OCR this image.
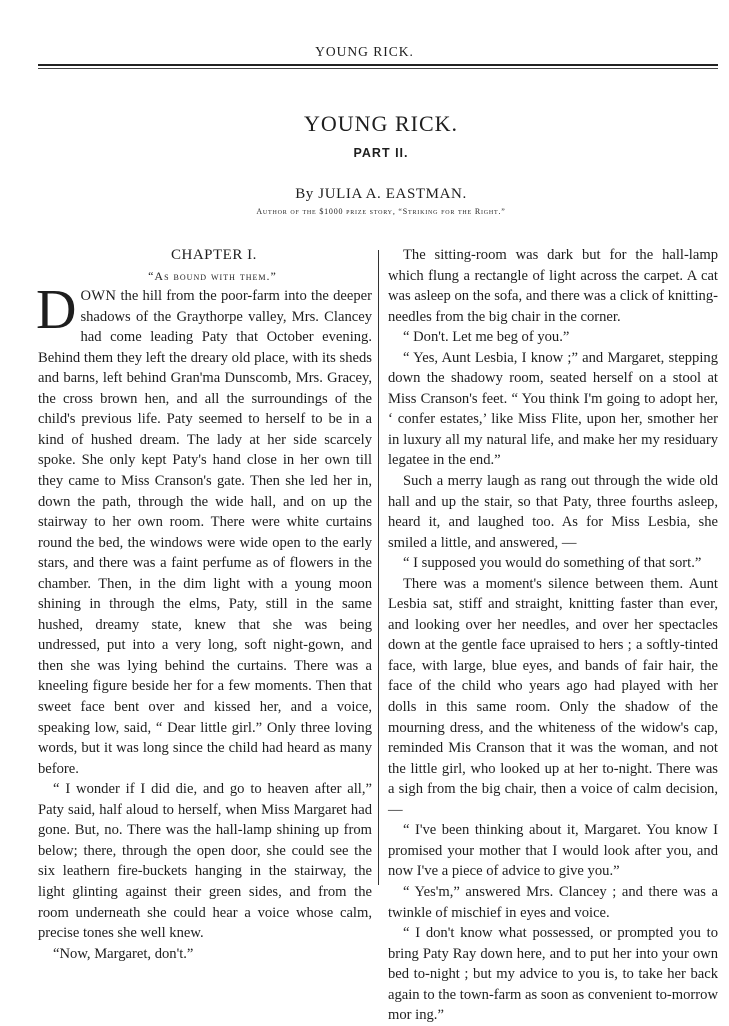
YOUNG RICK.
YOUNG RICK.
PART II.
By JULIA A. EASTMAN.
Author of the $1000 prize story, “Striking for the Right.”

CHAPTER I.

“As bound with them.”

DOWN the hill from the poor-farm into the deeper shadows of the Graythorpe valley, Mrs. Clancey had come leading Paty that October evening. Behind them they left the dreary old place, with its sheds and barns, left behind Gran'ma Dunscomb, Mrs. Gracey, the cross brown hen, and all the surroundings of the child's previous life. Paty seemed to herself to be in a kind of hushed dream. The lady at her side scarcely spoke. She only kept Paty's hand close in her own till they came to Miss Cranson's gate. Then she led her in, down the path, through the wide hall, and on up the stairway to her own room. There were white curtains round the bed, the windows were wide open to the early stars, and there was a faint perfume as of flowers in the chamber. Then, in the dim light with a young moon shining in through the elms, Paty, still in the same hushed, dreamy state, knew that she was being undressed, put into a very long, soft night-gown, and then she was lying behind the curtains. There was a kneeling figure beside her for a few moments. Then that sweet face bent over and kissed her, and a voice, speaking low, said, “ Dear little girl.” Only three loving words, but it was long since the child had heard as many before.

“ I wonder if I did die, and go to heaven after all,” Paty said, half aloud to herself, when Miss Margaret had gone. But, no. There was the hall-lamp shining up from below; there, through the open door, she could see the six leathern fire-buckets hanging in the stairway, the light glinting against their green sides, and from the room underneath she could hear a voice whose calm, precise tones she well knew.

“Now, Margaret, don't.”

The sitting-room was dark but for the hall-lamp which flung a rectangle of light across the carpet. A cat was asleep on the sofa, and there was a click of knitting-needles from the big chair in the corner.

“ Don't. Let me beg of you.”

“ Yes, Aunt Lesbia, I know ;” and Margaret, stepping down the shadowy room, seated herself on a stool at Miss Cranson's feet. “ You think I'm going to adopt her, ‘ confer estates,’ like Miss Flite, upon her, smother her in luxury all my natural life, and make her my residuary legatee in the end.”

Such a merry laugh as rang out through the wide old hall and up the stair, so that Paty, three fourths asleep, heard it, and laughed too. As for Miss Lesbia, she smiled a little, and answered, —

“ I supposed you would do something of that sort.”

There was a moment's silence between them. Aunt Lesbia sat, stiff and straight, knitting faster than ever, and looking over her needles, and over her spectacles down at the gentle face upraised to hers ; a softly-tinted face, with large, blue eyes, and bands of fair hair, the face of the child who years ago had played with her dolls in this same room. Only the shadow of the mourning dress, and the whiteness of the widow's cap, reminded Mis Cranson that it was the woman, and not the little girl, who looked up at her to-night. There was a sigh from the big chair, then a voice of calm decision, —

“ I've been thinking about it, Margaret. You know I promised your mother that I would look after you, and now I've a piece of advice to give you.”

“ Yes'm,” answered Mrs. Clancey ; and there was a twinkle of mischief in eyes and voice.

“ I don't know what possessed, or prompted you to bring Paty Ray down here, and to put her into your own bed to-night ; but my advice to you is, to take her back again to the town-farm as soon as convenient to-morrow mor ing.”
